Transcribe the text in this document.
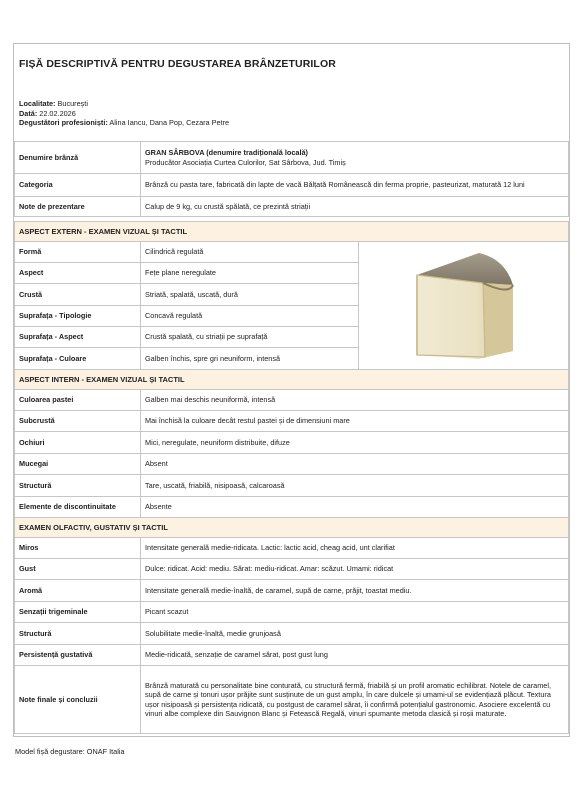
FIȘĂ DESCRIPTIVĂ PENTRU DEGUSTAREA BRÂNZETURILOR
Localitate: București
Dată: 22.02.2026
Degustători profesioniști: Alina Iancu, Dana Pop, Cezara Petre
Denumire brânză	GRAN SÂRBOVA (denumire tradițională locală)
Producător Asociația Curtea Culorilor, Sat Sârbova, Jud. Timiș

Categoria	Brânză cu pasta tare, fabricată din lapte de vacă Bălțată Românească din ferma proprie, pasteurizat, maturată 12 luni
Note de prezentare	Calup de 9 kg, cu crustă spălată, ce prezintă striații
ASPECT EXTERN - EXAMEN VIZUAL ȘI TACTIL		
Formă	Cilindrică regulată	
Aspect	Fețe plane neregulate	
Crustă	Striată, spalată, uscată, dură	
Suprafața - Tipologie	Concavă regulată	
Suprafața - Aspect	Crustă spalată, cu striații pe suprafață	
Suprafața - Culoare	Galben închis, spre gri neuniform, intensă	
ASPECT INTERN - EXAMEN VIZUAL ȘI TACTIL	
Culoarea pastei	Galben mai deschis neuniformă, intensă
Subcrustă	Mai închisă la culoare decât restul pastei și de dimensiuni mare
Ochiuri	Mici, neregulate, neuniform distribuite, difuze
Mucegai	Absent
Structură	Tare, uscată, friabilă, nisipoasă, calcaroasă
Elemente de discontinuitate	Absente
EXAMEN OLFACTIV, GUSTATIV ȘI TACTIL	
Miros	Intensitate generală medie-ridicata. Lactic: lactic acid, cheag acid, unt clarifiat
Gust	Dulce: ridicat. Acid: mediu. Sărat: mediu-ridicat. Amar: scăzut. Umami: ridicat
Aromă	Intensitate generală medie-înaltă, de caramel, supă de carne, prăjit, toastat mediu.
Senzații trigeminale	Picant scazut
Structură	Solubilitate medie-înaltă, medie grunjoasă
Persistență gustativă	Medie-ridicată, senzație de caramel sărat, post gust lung
Note finale și concluzii	Brânză maturată cu personalitate bine conturată, cu structură fermă, friabilă și un profil aromatic echilibrat. Notele de caramel, supă de carne și tonuri ușor prăjite sunt susținute de un gust amplu, în care dulcele și umami-ul se evidențiază plăcut. Textura ușor nisipoasă și persistența ridicată, cu postgust de caramel sărat, îi confirmă potențialul gastronomic. Asociere excelentă cu vinuri albe complexe din Sauvignon Blanc și Fetească Regală, vinuri spumante metoda clasică și roșii maturate.
Model fișă degustare: ONAF Italia
